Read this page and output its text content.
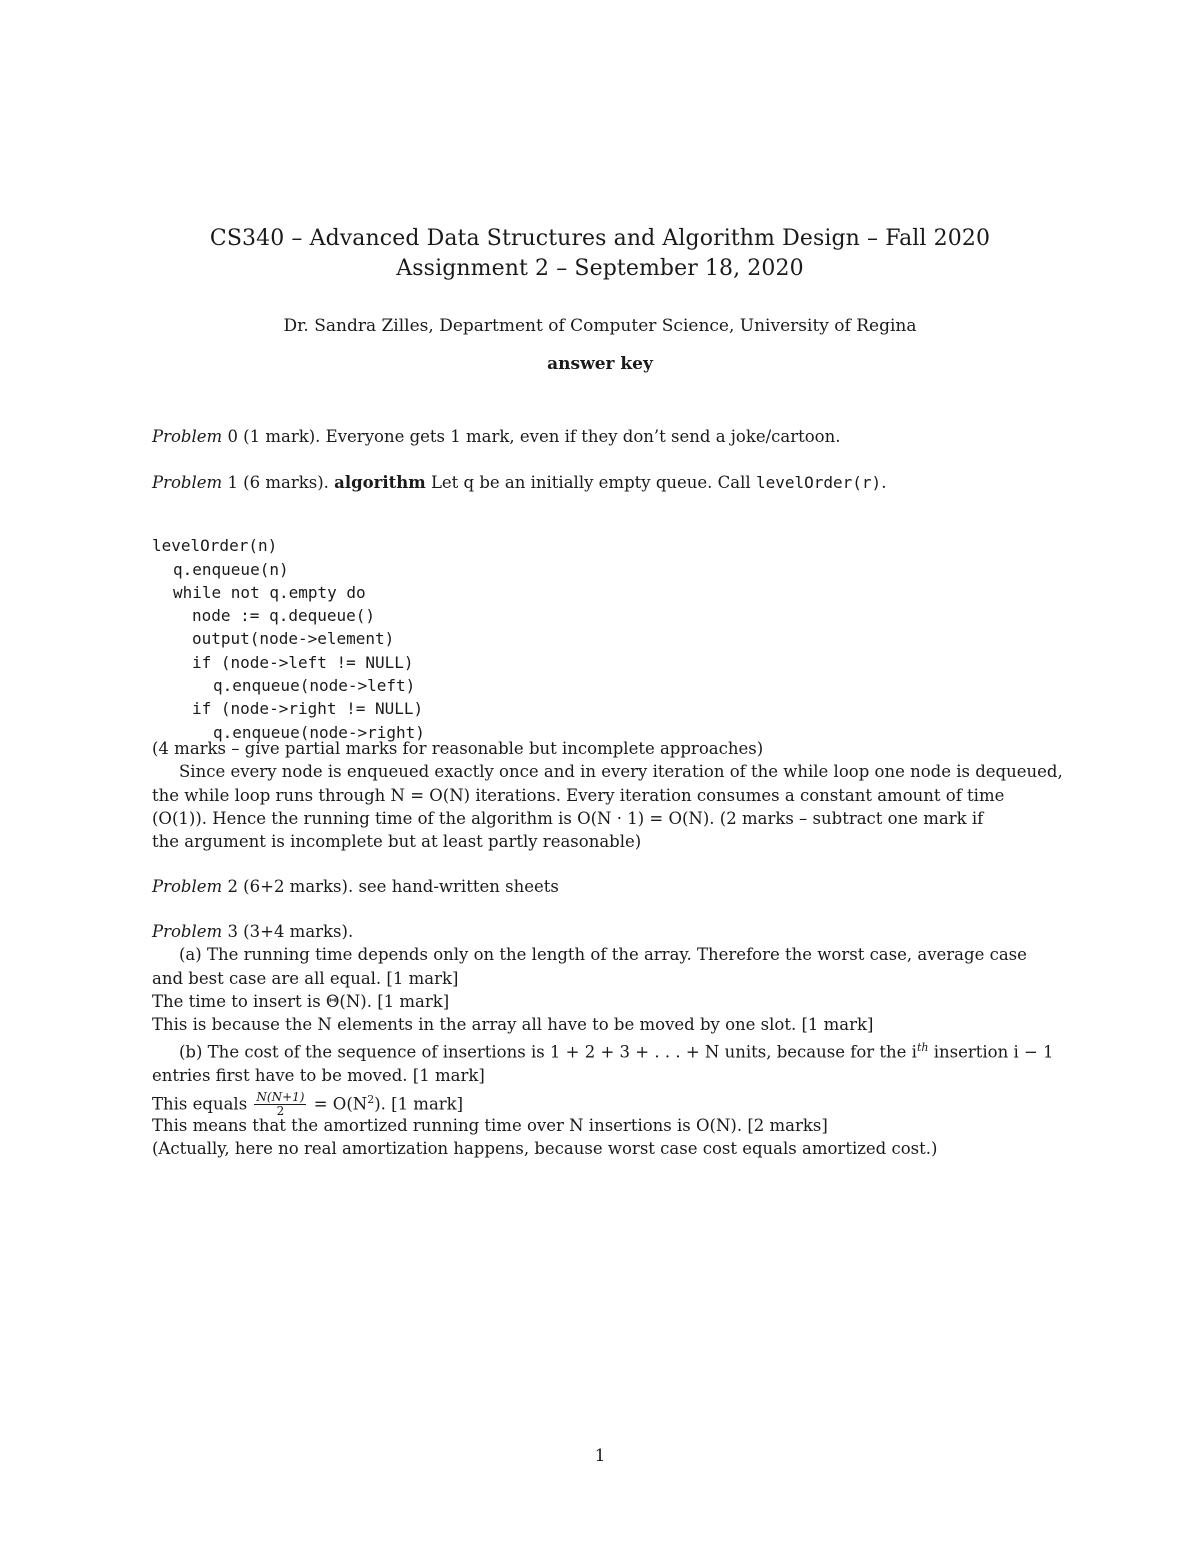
CS340 – Advanced Data Structures and Algorithm Design – Fall 2020
Assignment 2 – September 18, 2020
Dr. Sandra Zilles, Department of Computer Science, University of Regina
answer key
Problem 0 (1 mark). Everyone gets 1 mark, even if they don’t send a joke/cartoon.
Problem 1 (6 marks). algorithm Let q be an initially empty queue. Call levelOrder(r).

levelOrder(n)
q.enqueue(n)
while not q.empty do
node := q.dequeue()
output(node->element)
if (node->left != NULL)
q.enqueue(node->left)
if (node->right != NULL)
q.enqueue(node->right)

(4 marks – give partial marks for reasonable but incomplete approaches)
Since every node is enqueued exactly once and in every iteration of the while loop one node is dequeued,
the while loop runs through N = O(N) iterations. Every iteration consumes a constant amount of time
(O(1)). Hence the running time of the algorithm is O(N · 1) = O(N). (2 marks – subtract one mark if
the argument is incomplete but at least partly reasonable)
Problem 2 (6+2 marks). see hand-written sheets
Problem 3 (3+4 marks).
(a) The running time depends only on the length of the array. Therefore the worst case, average case
and best case are all equal. [1 mark]
The time to insert is Θ(N). [1 mark]
This is because the N elements in the array all have to be moved by one slot. [1 mark]
(b) The cost of the sequence of insertions is 1 + 2 + 3 + . . . + N units, because for the $i^{th}$ insertion i − 1
entries first have to be moved. [1 mark]
This equals $\frac{N(N+1)}{2} = O(N^2)$. [1 mark]
This means that the amortized running time over N insertions is O(N). [2 marks]
(Actually, here no real amortization happens, because worst case cost equals amortized cost.)
1
